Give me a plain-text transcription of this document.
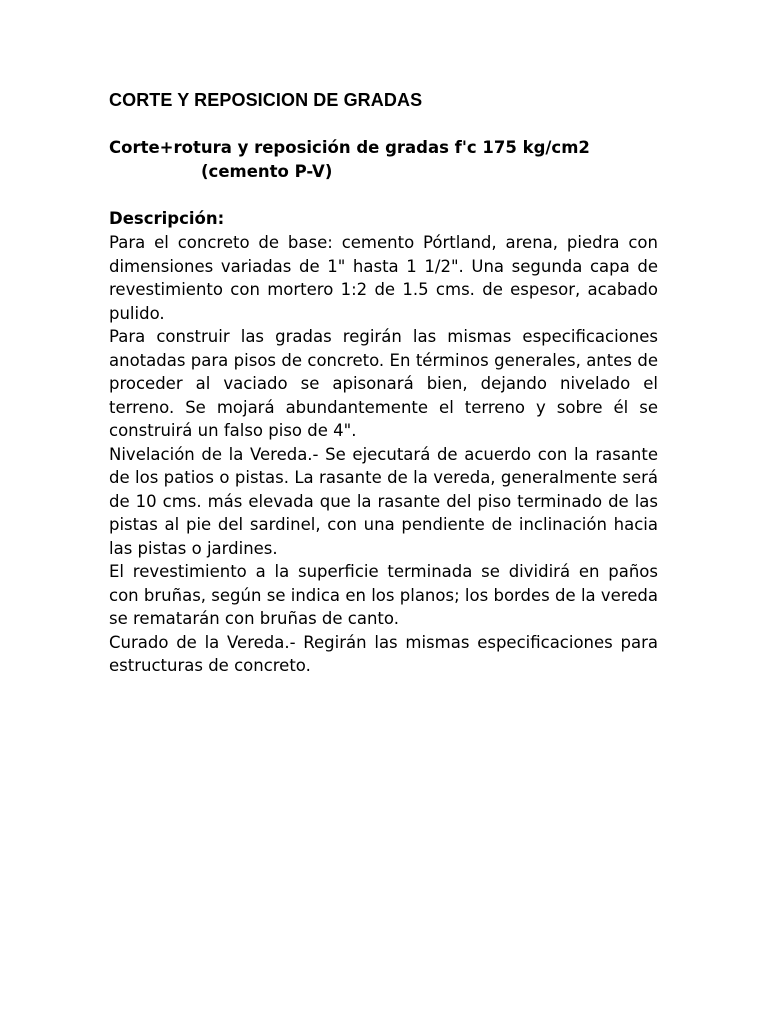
CORTE Y REPOSICION DE GRADAS
Corte+rotura y reposición de gradas f'c 175 kg/cm2
(cemento P-V)
Descripción:

Para el concreto de base: cemento Pórtland, arena, piedra con dimensiones variadas de 1" hasta 1 1/2". Una segunda capa de revestimiento con mortero 1:2 de 1.5 cms. de espesor, acabado pulido.

Para construir las gradas regirán las mismas especificaciones anotadas para pisos de concreto. En términos generales, antes de proceder al vaciado se apisonará bien, dejando nivelado el terreno. Se mojará abundantemente el terreno y sobre él se construirá un falso piso de 4".

Nivelación de la Vereda.- Se ejecutará de acuerdo con la rasante de los patios o pistas. La rasante de la vereda, generalmente será de 10 cms. más elevada que la rasante del piso terminado de las pistas al pie del sardinel, con una pendiente de inclinación hacia las pistas o jardines.

El revestimiento a la superficie terminada se dividirá en paños con bruñas, según se indica en los planos; los bordes de la vereda se rematarán con bruñas de canto.

Curado de la Vereda.- Regirán las mismas especificaciones para estructuras de concreto.
